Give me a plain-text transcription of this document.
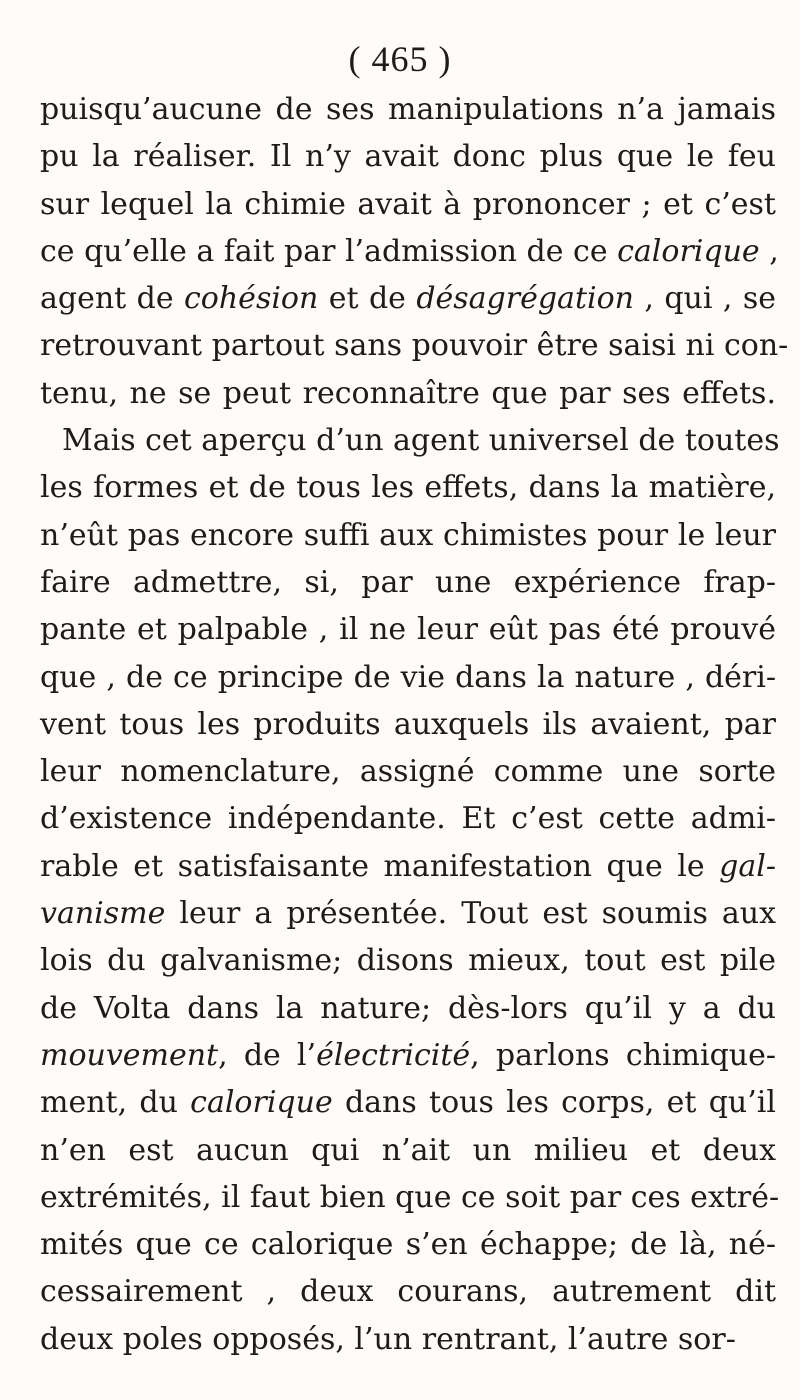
( 465 )
puisqu’aucune de ses manipulations n’a jamais
pu la réaliser. Il n’y avait donc plus que le feu
sur lequel la chimie avait à prononcer ; et c’est
ce qu’elle a fait par l’admission de ce calorique ,
agent de cohésion et de désagrégation , qui , se
retrouvant partout sans pouvoir être saisi ni con-
tenu, ne se peut reconnaître que par ses effets.
Mais cet aperçu d’un agent universel de toutes
les formes et de tous les effets, dans la matière,
n’eût pas encore suffi aux chimistes pour le leur
faire admettre, si, par une expérience frap-
pante et palpable , il ne leur eût pas été prouvé
que , de ce principe de vie dans la nature , déri-
vent tous les produits auxquels ils avaient, par
leur nomenclature, assigné comme une sorte
d’existence indépendante. Et c’est cette admi-
rable et satisfaisante manifestation que le gal-
vanisme leur a présentée. Tout est soumis aux
lois du galvanisme; disons mieux, tout est pile
de Volta dans la nature; dès-lors qu’il y a du
mouvement, de l’électricité, parlons chimique-
ment, du calorique dans tous les corps, et qu’il
n’en est aucun qui n’ait un milieu et deux
extrémités, il faut bien que ce soit par ces extré-
mités que ce calorique s’en échappe; de là, né-
cessairement , deux courans, autrement dit
deux poles opposés, l’un rentrant, l’autre sor-
